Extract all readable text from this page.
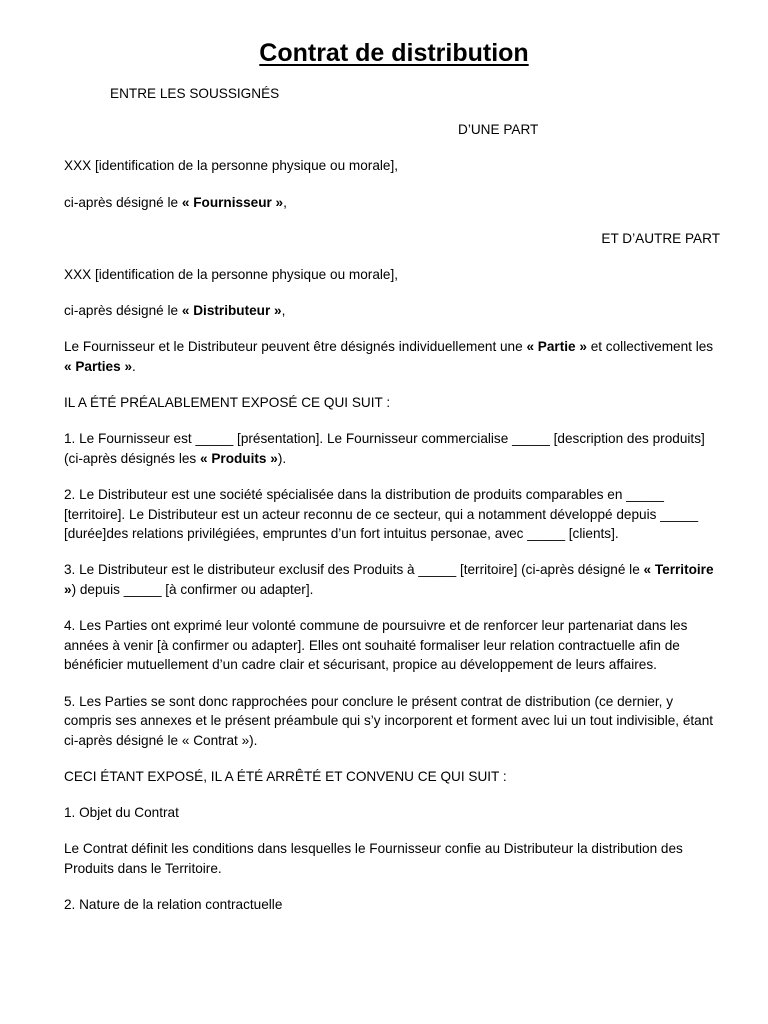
Contrat de distribution

ENTRE LES SOUSSIGNÉS

D’UNE PART

XXX [identification de la personne physique ou morale],

ci-après désigné le « Fournisseur »,

ET D’AUTRE PART

XXX [identification de la personne physique ou morale],

ci-après désigné le « Distributeur »,

Le Fournisseur et le Distributeur peuvent être désignés individuellement une « Partie » et collectivement les « Parties ».

IL A ÉTÉ PRÉALABLEMENT EXPOSÉ CE QUI SUIT :

1. Le Fournisseur est _____ [présentation]. Le Fournisseur commercialise _____ [description des produits] (ci-après désignés les « Produits »).

2. Le Distributeur est une société spécialisée dans la distribution de produits comparables en _____ [territoire]. Le Distributeur est un acteur reconnu de ce secteur, qui a notamment développé depuis _____ [durée]des relations privilégiées, empruntes d’un fort intuitus personae, avec _____ [clients].

3. Le Distributeur est le distributeur exclusif des Produits à _____ [territoire] (ci-après désigné le « Territoire ») depuis _____ [à confirmer ou adapter].

4. Les Parties ont exprimé leur volonté commune de poursuivre et de renforcer leur partenariat dans les années à venir [à confirmer ou adapter]. Elles ont souhaité formaliser leur relation contractuelle afin de bénéficier mutuellement d’un cadre clair et sécurisant, propice au développement de leurs affaires.

5. Les Parties se sont donc rapprochées pour conclure le présent contrat de distribution (ce dernier, y compris ses annexes et le présent préambule qui s’y incorporent et forment avec lui un tout indivisible, étant ci-après désigné le « Contrat »).

CECI ÉTANT EXPOSÉ, IL A ÉTÉ ARRÊTÉ ET CONVENU CE QUI SUIT :

1. Objet du Contrat

Le Contrat définit les conditions dans lesquelles le Fournisseur confie au Distributeur la distribution des Produits dans le Territoire.

2. Nature de la relation contractuelle
